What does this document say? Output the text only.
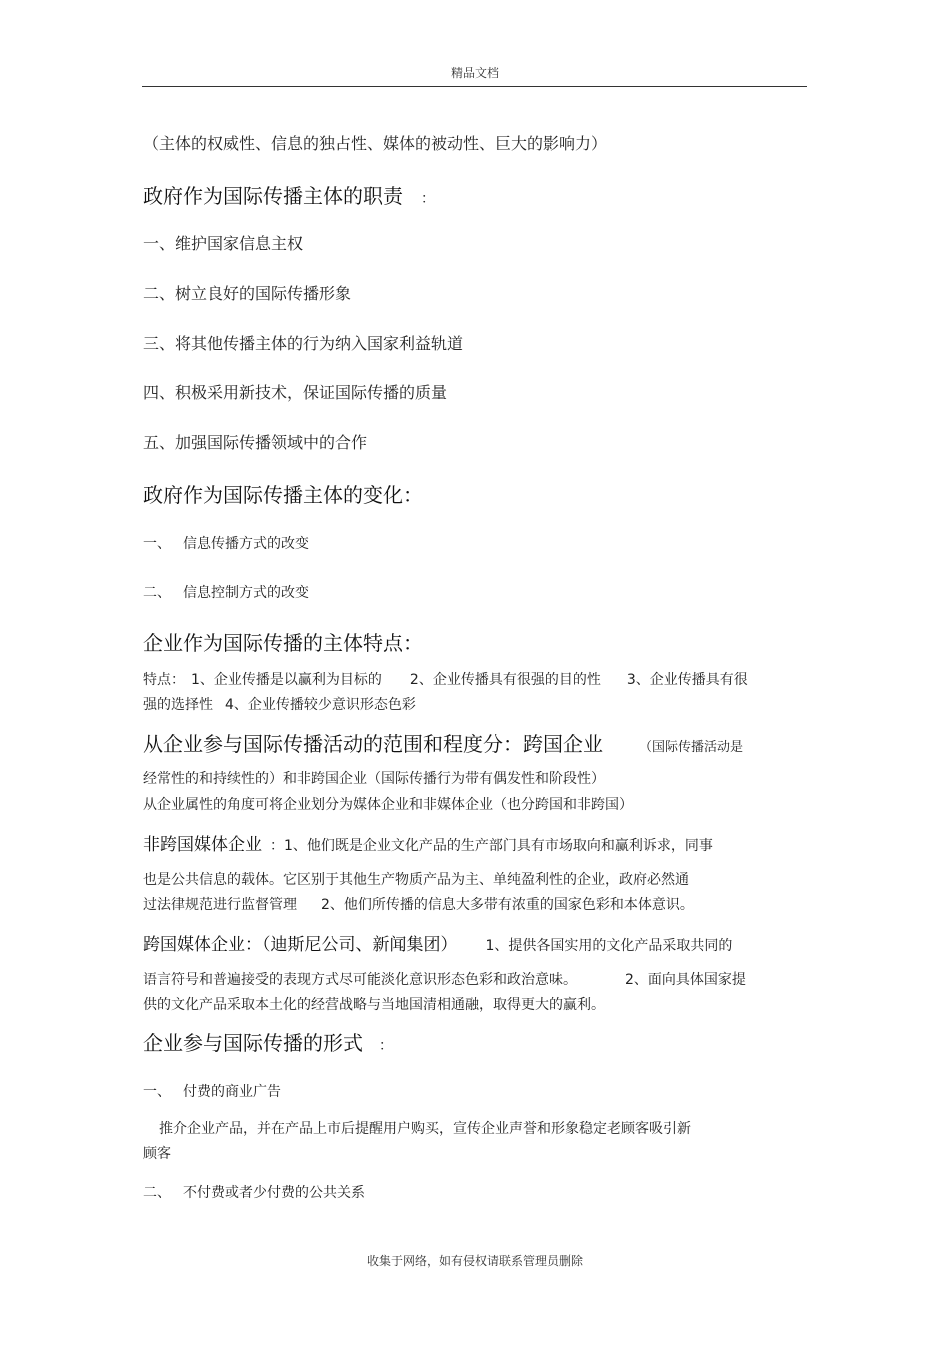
精品文档
（主体的权威性、信息的独占性、媒体的被动性、巨大的影响力）
政府作为国际传播主体的职责 ：
一、维护国家信息主权
二、树立良好的国际传播形象
三、将其他传播主体的行为纳入国家利益轨道
四、积极采用新技术，保证国际传播的质量
五、加强国际传播领域中的合作
政府作为国际传播主体的变化：
一、 信息传播方式的改变
二、 信息控制方式的改变
企业作为国际传播的主体特点：
特点： 1、企业传播是以赢利为目标的 2、企业传播具有很强的目的性 3、企业传播具有很
强的选择性 4、企业传播较少意识形态色彩
从企业参与国际传播活动的范围和程度分：跨国企业	（国际传播活动是
经常性的和持续性的）和非跨国企业（国际传播行为带有偶发性和阶段性）
从企业属性的角度可将企业划分为媒体企业和非媒体企业（也分跨国和非跨国）
非跨国媒体企业 ：1、他们既是企业文化产品的生产部门具有市场取向和赢利诉求，同事
也是公共信息的载体。它区别于其他生产物质产品为主、单纯盈利性的企业，政府必然通
过法律规范进行监督管理 2、他们所传播的信息大多带有浓重的国家色彩和本体意识。
跨国媒体企业：（迪斯尼公司、新闻集团） 1、提供各国实用的文化产品采取共同的
语言符号和普遍接受的表现方式尽可能淡化意识形态色彩和政治意味。	2、面向具体国家提
供的文化产品采取本土化的经营战略与当地国清相通融，取得更大的赢利。
企业参与国际传播的形式 ：
一、 付费的商业广告
推介企业产品，并在产品上市后提醒用户购买，宣传企业声誉和形象稳定老顾客吸引新
顾客
二、 不付费或者少付费的公共关系
收集于网络，如有侵权请联系管理员删除
